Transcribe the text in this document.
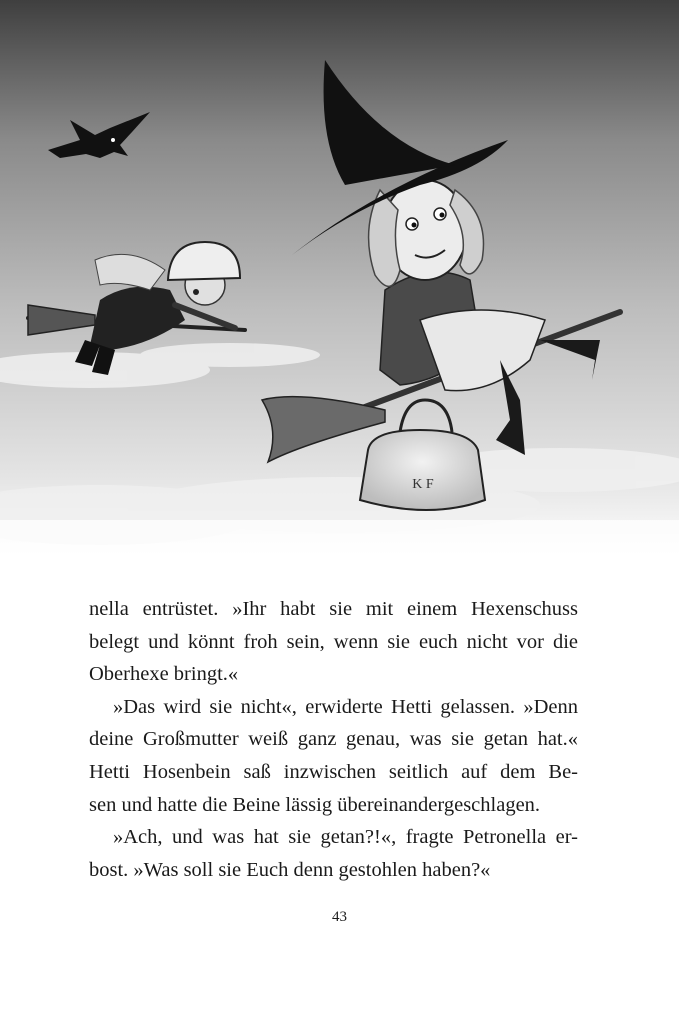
K F
nella entrüstet. »Ihr habt sie mit einem Hexenschuss
belegt und könnt froh sein, wenn sie euch nicht vor die
Oberhexe bringt.«
»Das wird sie nicht«, erwiderte Hetti gelassen. »Denn
deine Großmutter weiß ganz genau, was sie getan hat.«
Hetti Hosenbein saß inzwischen seitlich auf dem Be-
sen und hatte die Beine lässig übereinandergeschlagen.
»Ach, und was hat sie getan?!«, fragte Petronella er-
bost. »Was soll sie Euch denn gestohlen haben?«
43
